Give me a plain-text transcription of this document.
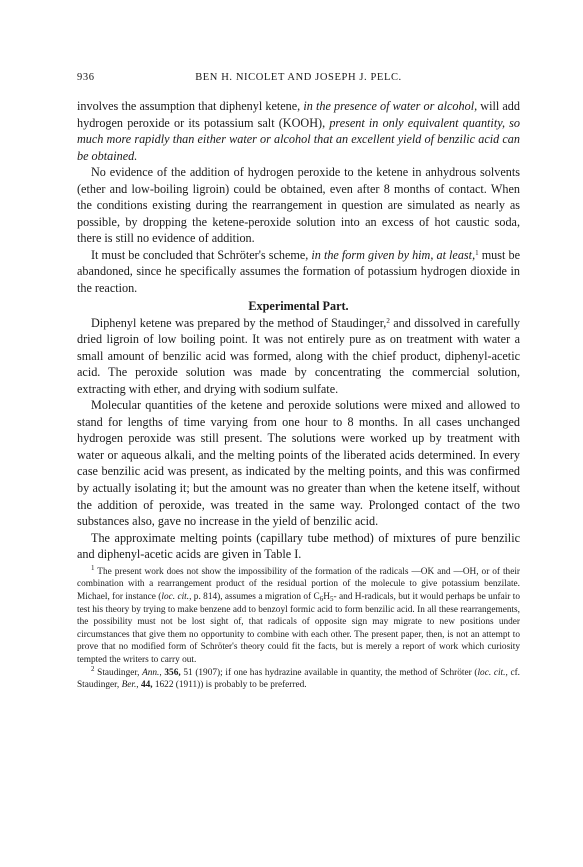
936	BEN H. NICOLET AND JOSEPH J. PELC.

involves the assumption that diphenyl ketene, in the presence of water or alcohol, will add hydrogen peroxide or its potassium salt (KOOH), present in only equivalent quantity, so much more rapidly than either water or alcohol that an excellent yield of benzilic acid can be obtained.

No evidence of the addition of hydrogen peroxide to the ketene in anhydrous solvents (ether and low-boiling ligroin) could be obtained, even after 8 months of contact. When the conditions existing during the rearrangement in question are simulated as nearly as possible, by dropping the ketene-peroxide solution into an excess of hot caustic soda, there is still no evidence of addition.

It must be concluded that Schröter's scheme, in the form given by him, at least,$^1$ must be abandoned, since he specifically assumes the formation of potassium hydrogen dioxide in the reaction.

Experimental Part.

Diphenyl ketene was prepared by the method of Staudinger,$^2$ and dissolved in carefully dried ligroin of low boiling point. It was not entirely pure as on treatment with water a small amount of benzilic acid was formed, along with the chief product, diphenyl-acetic acid. The peroxide solution was made by concentrating the commercial solution, extracting with ether, and drying with sodium sulfate.

Molecular quantities of the ketene and peroxide solutions were mixed and allowed to stand for lengths of time varying from one hour to 8 months. In all cases unchanged hydrogen peroxide was still present. The solutions were worked up by treatment with water or aqueous alkali, and the melting points of the liberated acids determined. In every case benzilic acid was present, as indicated by the melting points, and this was confirmed by actually isolating it; but the amount was no greater than when the ketene itself, without the addition of peroxide, was treated in the same way. Prolonged contact of the two substances also, gave no increase in the yield of benzilic acid.

The approximate melting points (capillary tube method) of mixtures of pure benzilic and diphenyl-acetic acids are given in Table I.

$^1$ The present work does not show the impossibility of the formation of the radicals —OK and —OH, or of their combination with a rearrangement product of the residual portion of the molecule to give potassium benzilate. Michael, for instance (loc. cit., p. 814), assumes a migration of $C_6H_5-$ and H-radicals, but it would perhaps be unfair to test his theory by trying to make benzene add to benzoyl formic acid to form benzilic acid. In all these rearrangements, the possibility must not be lost sight of, that radicals of opposite sign may migrate to new positions under circumstances that give them no opportunity to combine with each other. The present paper, then, is not an attempt to prove that no modified form of Schröter's theory could fit the facts, but is merely a report of work which curiosity tempted the writers to carry out.

$^2$ Staudinger, Ann., 356, 51 (1907); if one has hydrazine available in quantity, the method of Schröter (loc. cit., cf. Staudinger, Ber., 44, 1622 (1911)) is probably to be preferred.
